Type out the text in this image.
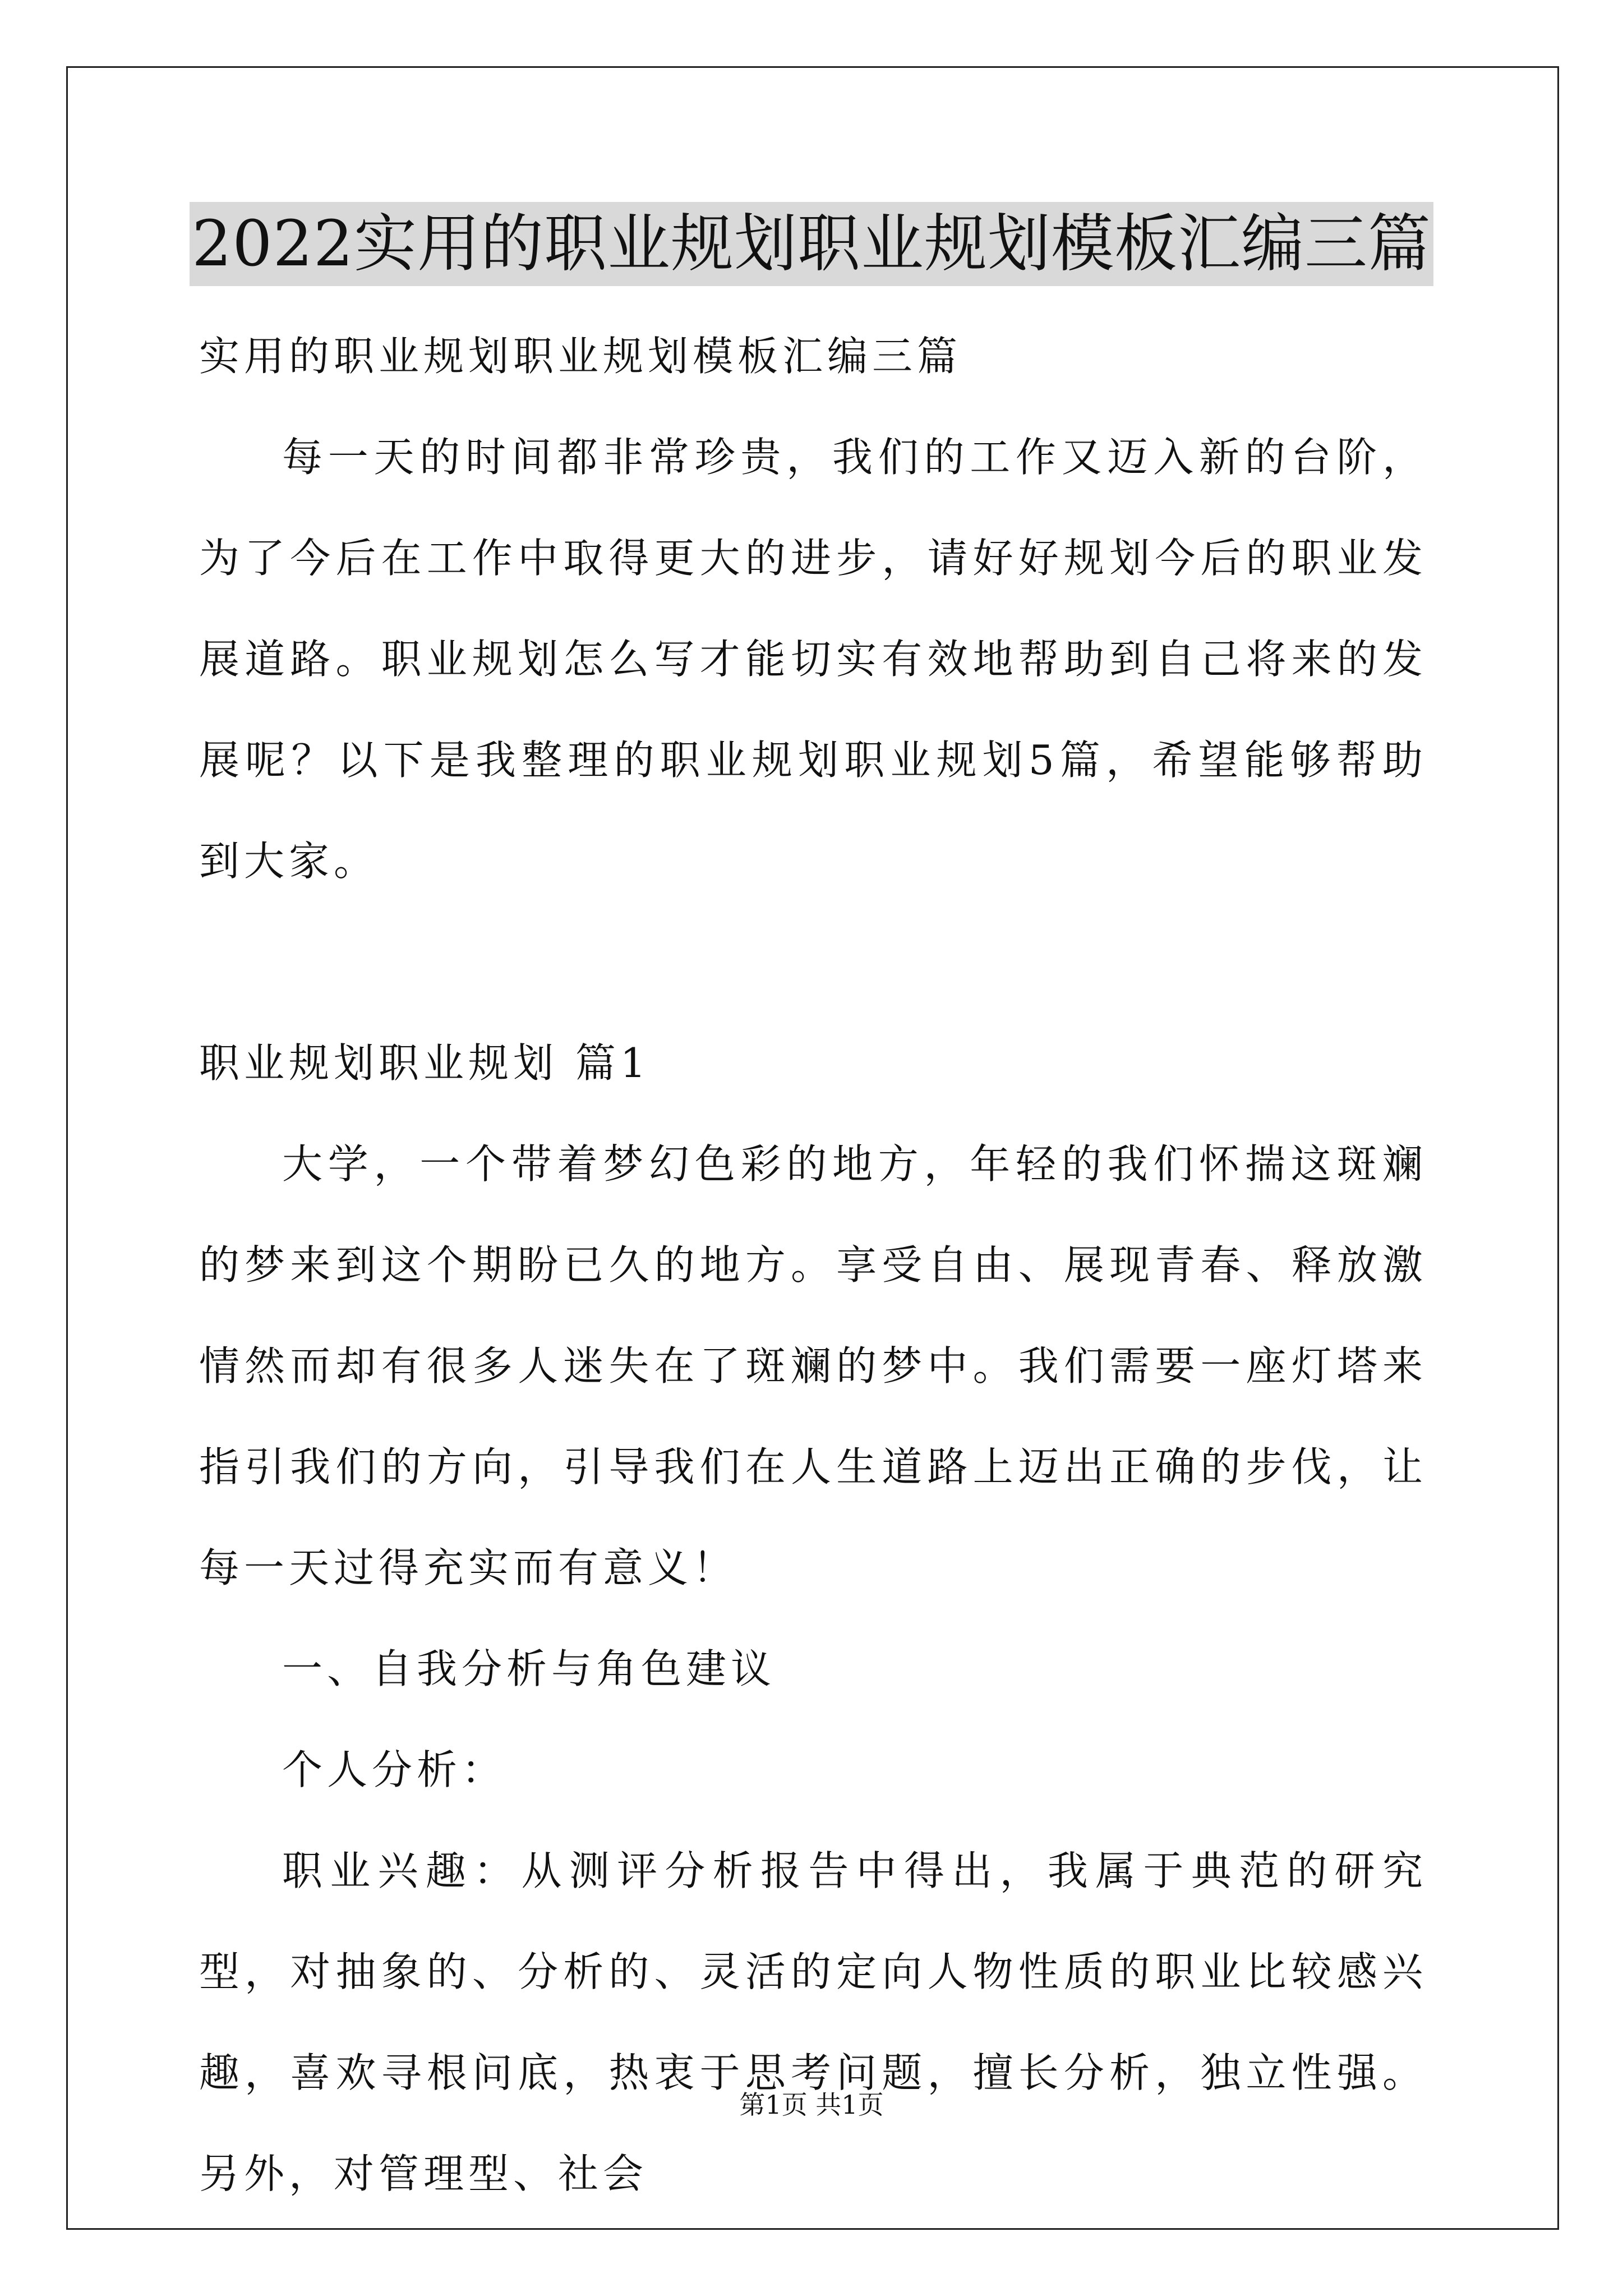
2022实用的职业规划职业规划模板汇编三篇

实用的职业规划职业规划模板汇编三篇

每一天的时间都非常珍贵，我们的工作又迈入新的台阶，为了今后在工作中取得更大的进步，请好好规划今后的职业发展道路。职业规划怎么写才能切实有效地帮助到自己将来的发展呢？以下是我整理的职业规划职业规划5篇，希望能够帮助到大家。

职业规划职业规划 篇1

大学，一个带着梦幻色彩的地方，年轻的我们怀揣这斑斓的梦来到这个期盼已久的地方。享受自由、展现青春、释放激情然而却有很多人迷失在了斑斓的梦中。我们需要一座灯塔来指引我们的方向，引导我们在人生道路上迈出正确的步伐，让每一天过得充实而有意义！

一、自我分析与角色建议

个人分析：

职业兴趣：从测评分析报告中得出，我属于典范的研究型，对抽象的、分析的、灵活的定向人物性质的职业比较感兴趣，喜欢寻根问底，热衷于思考问题，擅长分析，独立性强。另外，对管理型、社会

第1页 共1页
